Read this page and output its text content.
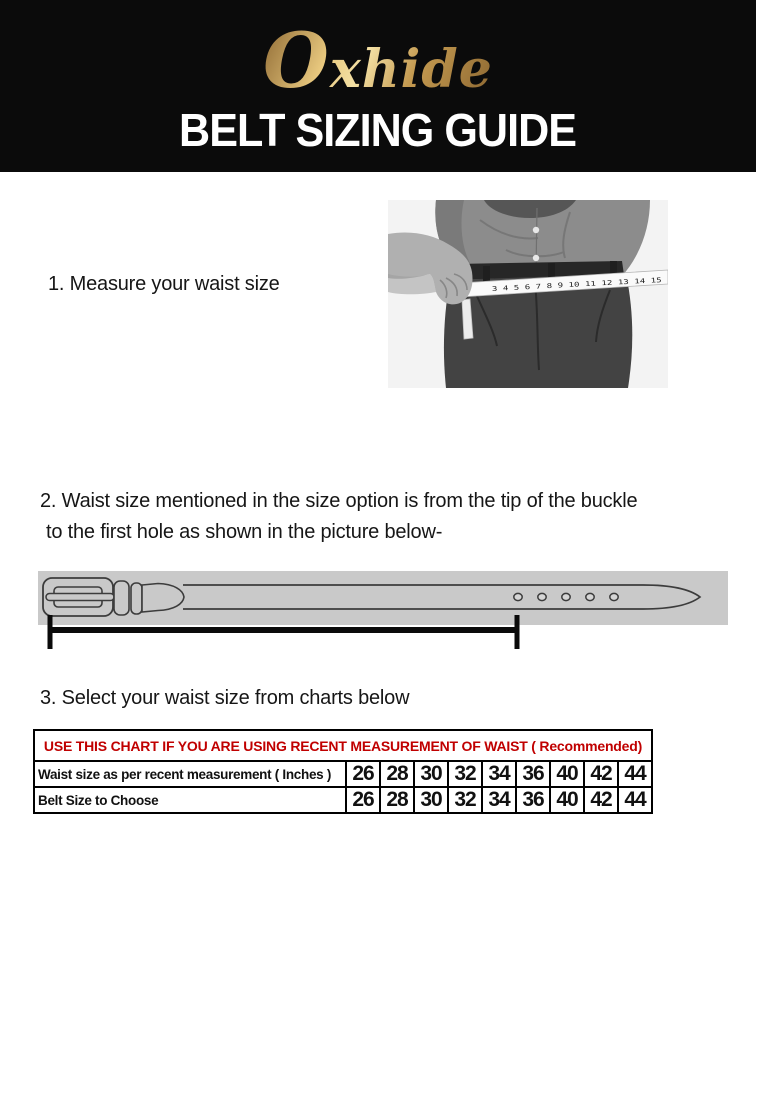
Oxhide
BELT SIZING GUIDE
1. Measure your waist size	3 4 5 6 7 8 9 10 11 12 13 14 15
2. Waist size mentioned in the size option is from the tip of the buckle
to the first hole as shown in the picture below-
3. Select your waist size from charts below
USE THIS CHART IF YOU ARE USING RECENT MEASUREMENT OF WAIST ( Recommended)									
Waist size as per recent measurement ( Inches )	26	28	30	32	34	36	40	42	44
Belt Size to Choose	26	28	30	32	34	36	40	42	44
